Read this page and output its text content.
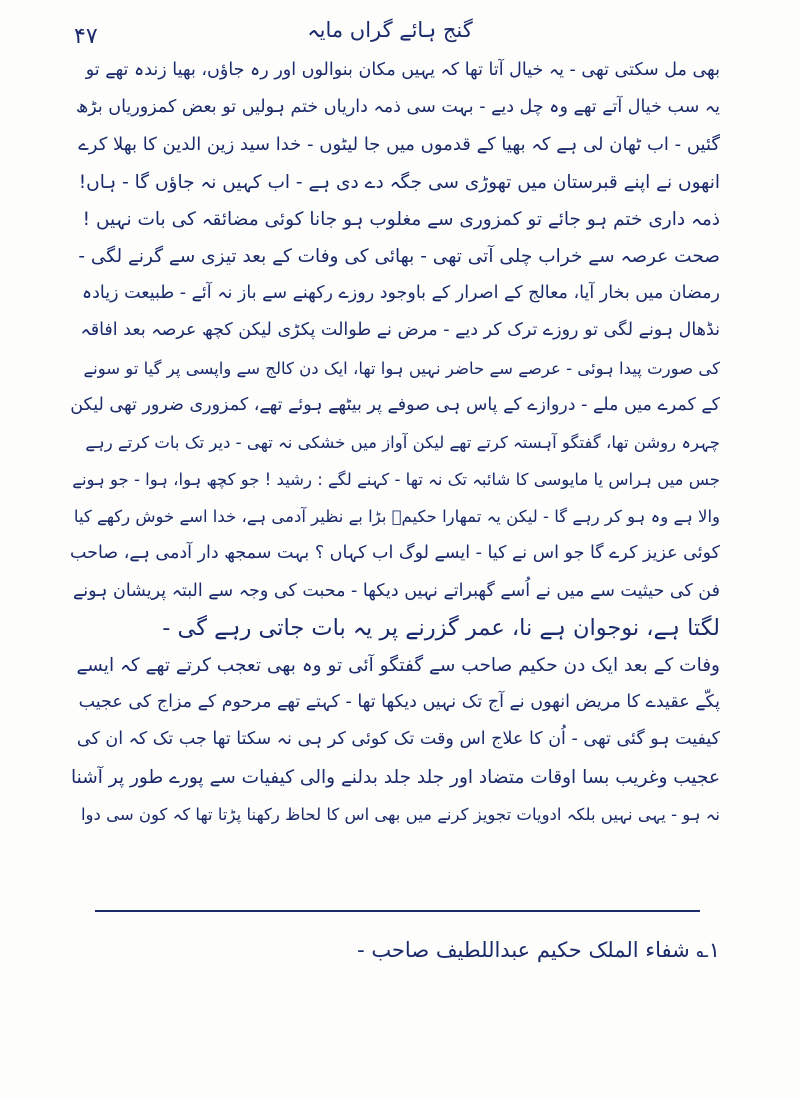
۴۷	گنج ہائے گراں مایہ
بھی مل سکتی تھی - یہ خیال آتا تھا کہ یہیں مکان بنوالوں اور رہ جاؤں، بھیا زندہ تھے تو
یہ سب خیال آتے تھے وہ چل دیے - بہت سی ذمہ داریاں ختم ہولیں تو بعض کمزوریاں بڑھ
گئیں - اب ٹھان لی ہے کہ بھیا کے قدموں میں جا لیٹوں - خدا سید زین الدین کا بھلا کرے
انھوں نے اپنے قبرستان میں تھوڑی سی جگہ دے دی ہے - اب کہیں نہ جاؤں گا - ہاں!
ذمہ داری ختم ہو جائے تو کمزوری سے مغلوب ہو جانا کوئی مضائقہ کی بات نہیں !
صحت عرصہ سے خراب چلی آتی تھی - بھائی کی وفات کے بعد تیزی سے گرنے لگی -
رمضان میں بخار آیا، معالج کے اصرار کے باوجود روزے رکھنے سے باز نہ آئے - طبیعت زیادہ
نڈھال ہونے لگی تو روزے ترک کر دیے - مرض نے طوالت پکڑی لیکن کچھ عرصہ بعد افاقہ
کی صورت پیدا ہوئی - عرصے سے حاضر نہیں ہوا تھا، ایک دن کالج سے واپسی پر گیا تو سونے
کے کمرے میں ملے - دروازے کے پاس ہی صوفے پر بیٹھے ہوئے تھے، کمزوری ضرور تھی لیکن
چہرہ روشن تھا، گفتگو آہستہ کرتے تھے لیکن آواز میں خشکی نہ تھی - دیر تک بات کرتے رہے
جس میں ہراس یا مایوسی کا شائبہ تک نہ تھا - کہنے لگے : رشید ! جو کچھ ہوا، ہوا - جو ہونے
والا ہے وہ ہو کر رہے گا - لیکن یہ تمھارا حکیمؒ بڑا بے نظیر آدمی ہے، خدا اسے خوش رکھے کیا
کوئی عزیز کرے گا جو اس نے کیا - ایسے لوگ اب کہاں ؟ بہت سمجھ دار آدمی ہے، صاحب
فن کی حیثیت سے میں نے اُسے گھبراتے نہیں دیکھا - محبت کی وجہ سے البتہ پریشان ہونے
لگتا ہے، نوجوان ہے نا، عمر گزرنے پر یہ بات جاتی رہے گی -
وفات کے بعد ایک دن حکیم صاحب سے گفتگو آئی تو وہ بھی تعجب کرتے تھے کہ ایسے
پکّے عقیدے کا مریض انھوں نے آج تک نہیں دیکھا تھا - کہتے تھے مرحوم کے مزاج کی عجیب
کیفیت ہو گئی تھی - اُن کا علاج اس وقت تک کوئی کر ہی نہ سکتا تھا جب تک کہ ان کی
عجیب وغریب بسا اوقات متضاد اور جلد جلد بدلنے والی کیفیات سے پورے طور پر آشنا
نہ ہو - یہی نہیں بلکہ ادویات تجویز کرنے میں بھی اس کا لحاظ رکھنا پڑتا تھا کہ کون سی دوا
۱؎ شفاء الملک حکیم عبداللطیف صاحب -
